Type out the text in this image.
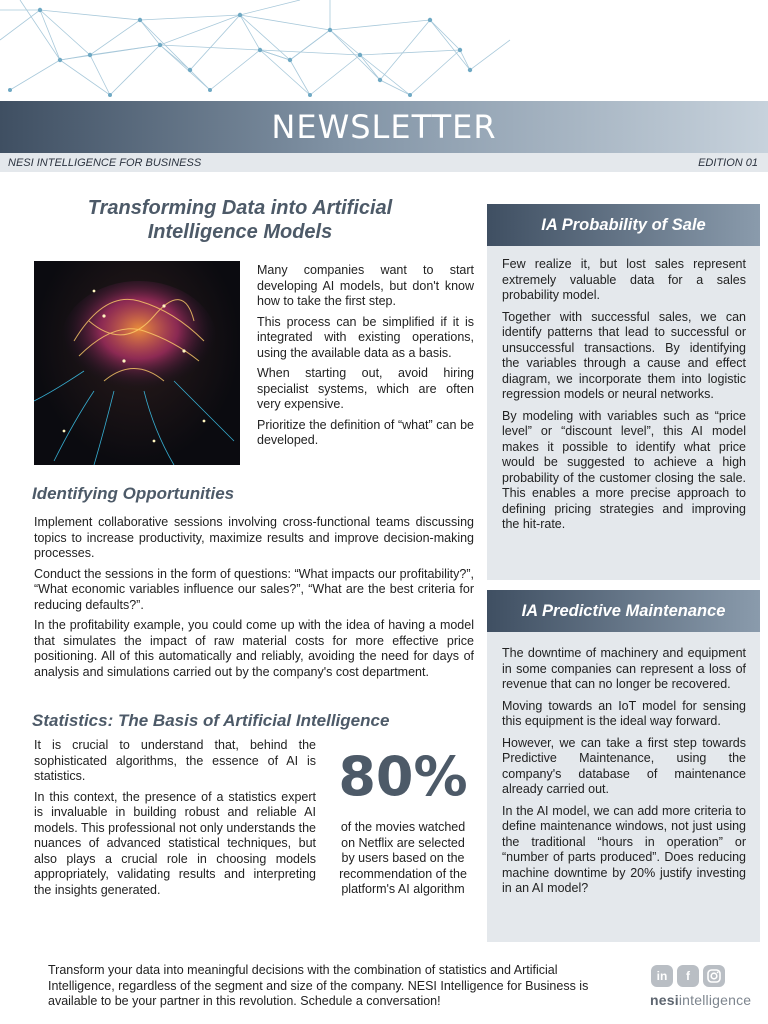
NEWSLETTER
NESI INTELLIGENCE FOR BUSINESS	EDITION 01
Transforming Data into Artificial Intelligence Models

Many companies want to start developing AI models, but don't know how to take the first step.

This process can be simplified if it is integrated with existing operations, using the available data as a basis.

When starting out, avoid hiring specialist systems, which are often very expensive.

Prioritize the definition of “what” can be developed.

Identifying Opportunities

Implement collaborative sessions involving cross-functional teams discussing topics to increase productivity, maximize results and improve decision-making processes.

Conduct the sessions in the form of questions: “What impacts our profitability?”, “What economic variables influence our sales?”, “What are the best criteria for reducing defaults?”.

In the profitability example, you could come up with the idea of having a model that simulates the impact of raw material costs for more effective price positioning. All of this automatically and reliably, avoiding the need for days of analysis and simulations carried out by the company's cost department.

Statistics: The Basis of Artificial Intelligence

It is crucial to understand that, behind the sophisticated algorithms, the essence of AI is statistics.

In this context, the presence of a statistics expert is invaluable in building robust and reliable AI models. This professional not only understands the nuances of advanced statistical techniques, but also plays a crucial role in choosing models appropriately, validating results and interpreting the insights generated.

80%
of the movies watched on Netflix are selected by users based on the recommendation of the platform's AI algorithm
IA Probability of Sale

Few realize it, but lost sales represent extremely valuable data for a sales probability model.

Together with successful sales, we can identify patterns that lead to successful or unsuccessful transactions. By identifying the variables through a cause and effect diagram, we incorporate them into logistic regression models or neural networks.

By modeling with variables such as “price level” or “discount level”, this AI model makes it possible to identify what price would be suggested to achieve a high probability of the customer closing the sale. This enables a more precise approach to defining pricing strategies and improving the hit-rate.

IA Predictive Maintenance

The downtime of machinery and equipment in some companies can represent a loss of revenue that can no longer be recovered.

Moving towards an IoT model for sensing this equipment is the ideal way forward.

However, we can take a first step towards Predictive Maintenance, using the company's database of maintenance already carried out.

In the AI model, we can add more criteria to define maintenance windows, not just using the traditional “hours in operation” or “number of parts produced”. Does reducing machine downtime by 20% justify investing in an AI model?

Transform your data into meaningful decisions with the combination of statistics and Artificial Intelligence, regardless of the segment and size of the company. NESI Intelligence for Business is available to be your partner in this revolution. Schedule a conversation!
in	f
nesiintelligence
